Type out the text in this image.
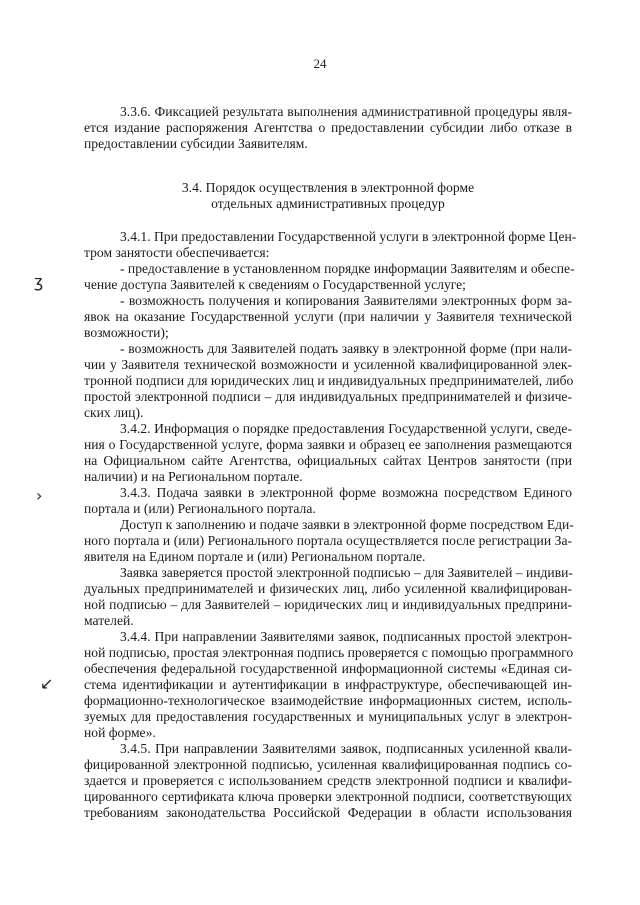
24
3.3.6. Фиксацией результата выполнения административной процедуры явля-
ется издание распоряжения Агентства о предоставлении субсидии либо отказе в
предоставлении субсидии Заявителям.
3.4. Порядок осуществления в электронной форме
отдельных административных процедур
3.4.1. При предоставлении Государственной услуги в электронной форме Цен-
тром занятости обеспечивается:
- предоставление в установленном порядке информации Заявителям и обеспе-
чение доступа Заявителей к сведениям о Государственной услуге;
- возможность получения и копирования Заявителями электронных форм за-
явок на оказание Государственной услуги (при наличии у Заявителя технической
возможности);
- возможность для Заявителей подать заявку в электронной форме (при нали-
чии у Заявителя технической возможности и усиленной квалифицированной элек-
тронной подписи для юридических лиц и индивидуальных предпринимателей, либо
простой электронной подписи – для индивидуальных предпринимателей и физиче-
ских лиц).
3.4.2. Информация о порядке предоставления Государственной услуги, сведе-
ния о Государственной услуге, форма заявки и образец ее заполнения размещаются
на Официальном сайте Агентства, официальных сайтах Центров занятости (при
наличии) и на Региональном портале.
3.4.3. Подача заявки в электронной форме возможна посредством Единого
портала и (или) Регионального портала.
Доступ к заполнению и подаче заявки в электронной форме посредством Еди-
ного портала и (или) Регионального портала осуществляется после регистрации За-
явителя на Едином портале и (или) Региональном портале.
Заявка заверяется простой электронной подписью – для Заявителей – индиви-
дуальных предпринимателей и физических лиц, либо усиленной квалифицирован-
ной подписью – для Заявителей – юридических лиц и индивидуальных предприни-
мателей.
3.4.4. При направлении Заявителями заявок, подписанных простой электрон-
ной подписью, простая электронная подпись проверяется с помощью программного
обеспечения федеральной государственной информационной системы «Единая си-
стема идентификации и аутентификации в инфраструктуре, обеспечивающей ин-
формационно-технологическое взаимодействие информационных систем, исполь-
зуемых для предоставления государственных и муниципальных услуг в электрон-
ной форме».
3.4.5. При направлении Заявителями заявок, подписанных усиленной квали-
фицированной электронной подписью, усиленная квалифицированная подпись со-
здается и проверяется с использованием средств электронной подписи и квалифи-
цированного сертификата ключа проверки электронной подписи, соответствующих
требованиям законодательства Российской Федерации в области использования
ʒ
›
↙
